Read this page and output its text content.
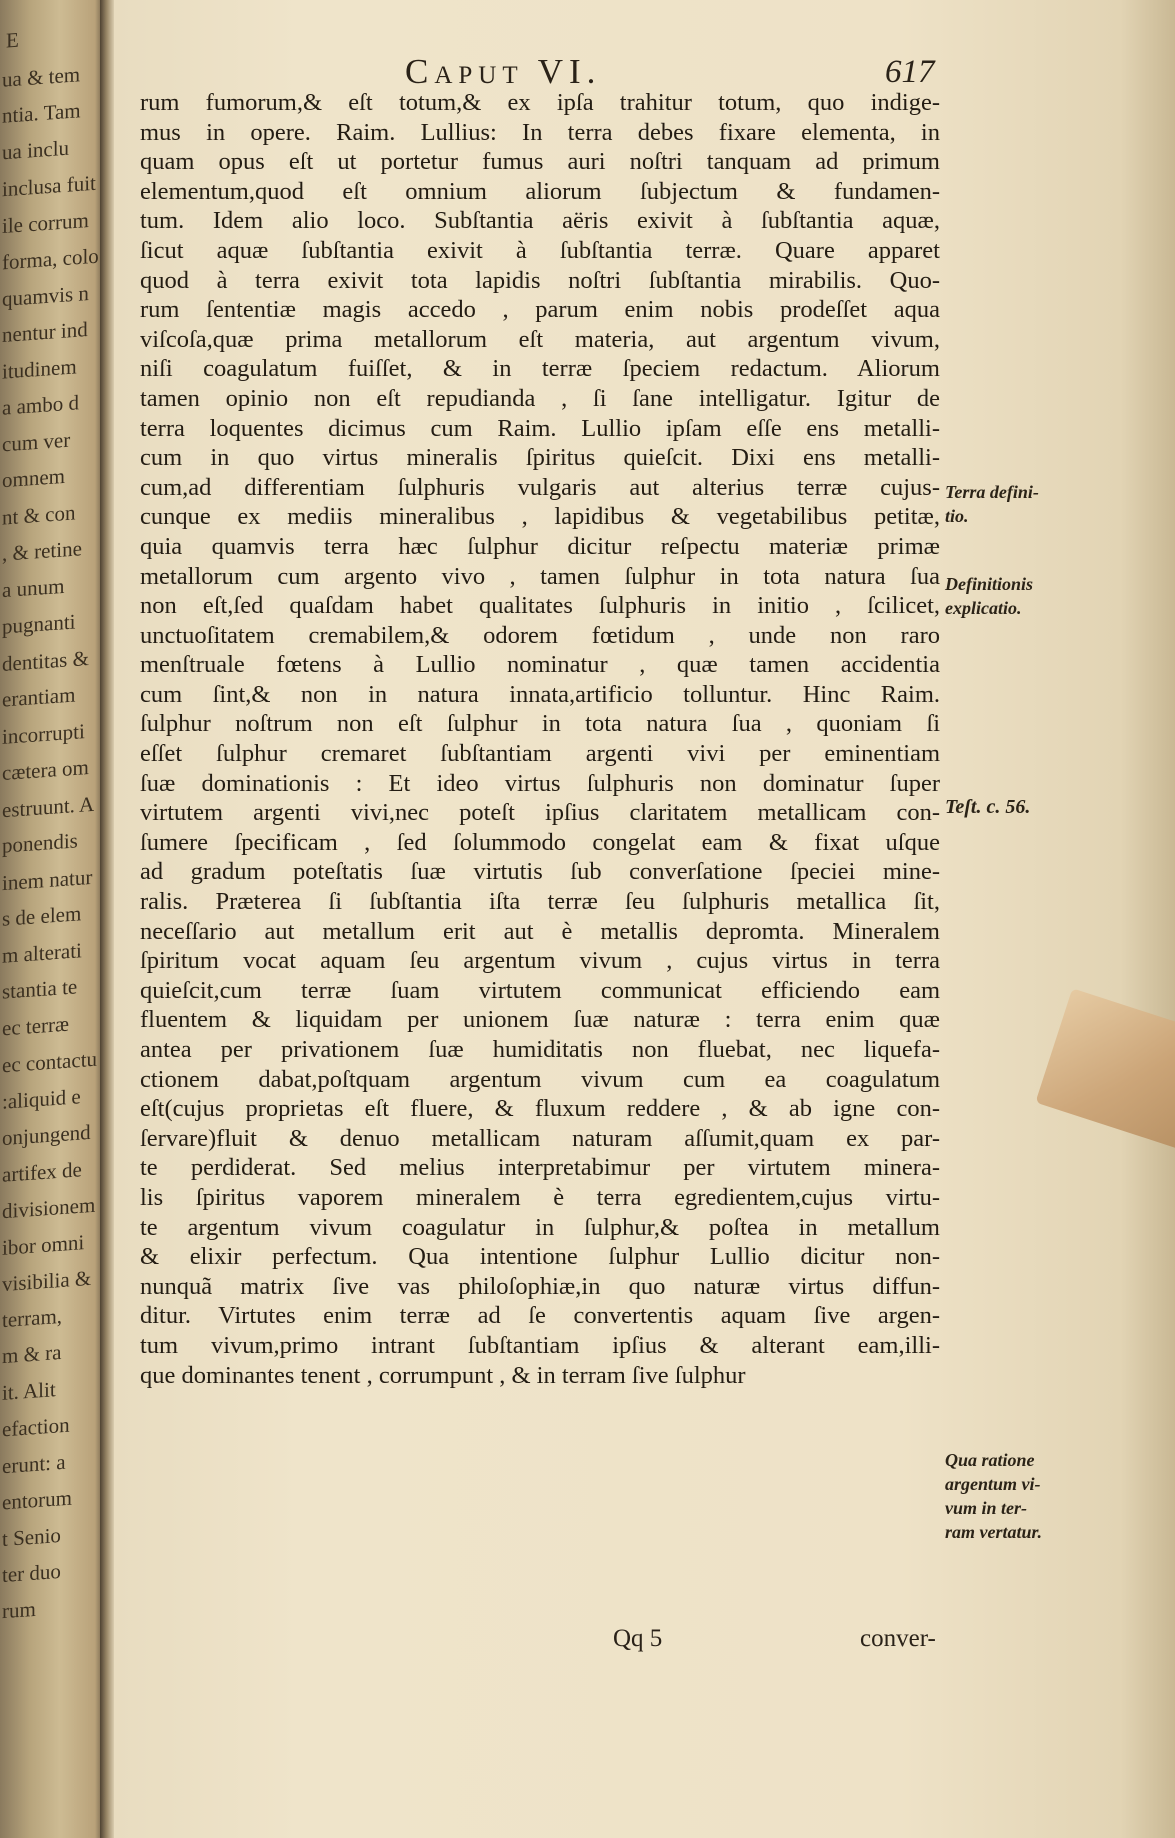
E
ua & tem
ntia. Tam
ua inclu
inclusa fuit
ile corrum
forma, colo
quamvis n
nentur ind
itudinem
a ambo d
cum ver
omnem
nt & con
, & retine
a unum
pugnanti
dentitas &
erantiam
incorrupti
cætera om
estruunt. A
ponendis
inem natur
s de elem
m alterati
stantia te
ec terræ
ec contactu
:aliquid e
onjungend
artifex de
divisionem
ibor omni
visibilia &
terram,
m & ra
it. Alit
efaction
erunt: a
entorum
t Senio
ter duo
rum
Caput VI.	617
rum fumorum,& eſt totum,& ex ipſa trahitur totum, quo indige-
mus in opere. Raim. Lullius: In terra debes fixare elementa, in
quam opus eſt ut portetur fumus auri noſtri tanquam ad primum
elementum,quod eſt omnium aliorum ſubjectum & fundamen-
tum. Idem alio loco. Subſtantia aëris exivit à ſubſtantia aquæ,
ſicut aquæ ſubſtantia exivit à ſubſtantia terræ. Quare apparet
quod à terra exivit tota lapidis noſtri ſubſtantia mirabilis. Quo-
rum ſententiæ magis accedo , parum enim nobis prodeſſet aqua
viſcoſa,quæ prima metallorum eſt materia, aut argentum vivum,
niſi coagulatum fuiſſet, & in terræ ſpeciem redactum. Aliorum
tamen opinio non eſt repudianda , ſi ſane intelligatur. Igitur de
terra loquentes dicimus cum Raim. Lullio ipſam eſſe ens metalli-
cum in quo virtus mineralis ſpiritus quieſcit. Dixi ens metalli-
cum,ad differentiam ſulphuris vulgaris aut alterius terræ cujus-
cunque ex mediis mineralibus , lapidibus & vegetabilibus petitæ,
quia quamvis terra hæc ſulphur dicitur reſpectu materiæ primæ
metallorum cum argento vivo , tamen ſulphur in tota natura ſua
non eſt,ſed quaſdam habet qualitates ſulphuris in initio , ſcilicet,
unctuoſitatem cremabilem,& odorem fœtidum , unde non raro
menſtruale fœtens à Lullio nominatur , quæ tamen accidentia
cum ſint,& non in natura innata,artificio tolluntur. Hinc Raim.
ſulphur noſtrum non eſt ſulphur in tota natura ſua , quoniam ſi
eſſet ſulphur cremaret ſubſtantiam argenti vivi per eminentiam
ſuæ dominationis : Et ideo virtus ſulphuris non dominatur ſuper
virtutem argenti vivi,nec poteſt ipſius claritatem metallicam con-
ſumere ſpecificam , ſed ſolummodo congelat eam & fixat uſque
ad gradum poteſtatis ſuæ virtutis ſub converſatione ſpeciei mine-
ralis. Præterea ſi ſubſtantia iſta terræ ſeu ſulphuris metallica ſit,
neceſſario aut metallum erit aut è metallis depromta. Mineralem
ſpiritum vocat aquam ſeu argentum vivum , cujus virtus in terra
quieſcit,cum terræ ſuam virtutem communicat efficiendo eam
fluentem & liquidam per unionem ſuæ naturæ : terra enim quæ
antea per privationem ſuæ humiditatis non fluebat, nec liquefa-
ctionem dabat,poſtquam argentum vivum cum ea coagulatum
eſt(cujus proprietas eſt fluere, & fluxum reddere , & ab igne con-
ſervare)fluit & denuo metallicam naturam aſſumit,quam ex par-
te perdiderat. Sed melius interpretabimur per virtutem minera-
lis ſpiritus vaporem mineralem è terra egredientem,cujus virtu-
te argentum vivum coagulatur in ſulphur,& poſtea in metallum
& elixir perfectum. Qua intentione ſulphur Lullio dicitur non-
nunquã matrix ſive vas philoſophiæ,in quo naturæ virtus diffun-
ditur. Virtutes enim terræ ad ſe convertentis aquam ſive argen-
tum vivum,primo intrant ſubſtantiam ipſius & alterant eam,illi-
que dominantes tenent , corrumpunt , & in terram ſive ſulphur
Terra defini-
tio.
Definitionis
explicatio.
Teſt. c. 56.
Qua ratione
argentum vi-
vum in ter-
ram vertatur.
Qq 5	conver-
